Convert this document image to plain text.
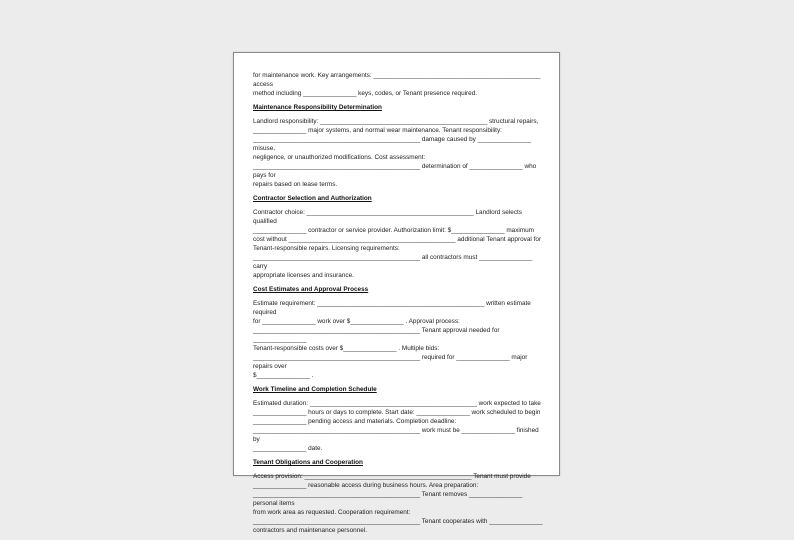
for maintenance work. Key arrangements: _______________________________________________ access
method including _______________ keys, codes, or Tenant presence required.
Maintenance Responsibility Determination
Landlord responsibility: _______________________________________________ structural repairs,
_______________ major systems, and normal wear maintenance. Tenant responsibility:
_______________________________________________ damage caused by _______________ misuse,
negligence, or unauthorized modifications. Cost assessment:
_______________________________________________ determination of _______________ who pays for
repairs based on lease terms.
Contractor Selection and Authorization
Contractor choice: _______________________________________________ Landlord selects qualified
_______________ contractor or service provider. Authorization limit: $_______________ maximum
cost without _______________________________________________ additional Tenant approval for
Tenant-responsible repairs. Licensing requirements:
_______________________________________________ all contractors must _______________ carry
appropriate licenses and insurance.
Cost Estimates and Approval Process
Estimate requirement: _______________________________________________ written estimate required
for _______________ work over $_______________ . Approval process:
_______________________________________________ Tenant approval needed for _______________
Tenant-responsible costs over $_______________ . Multiple bids:
_______________________________________________ required for _______________ major repairs over
$_______________ .
Work Timeline and Completion Schedule
Estimated duration: _______________________________________________ work expected to take
_______________ hours or days to complete. Start date: _______________ work scheduled to begin
_______________ pending access and materials. Completion deadline:
_______________________________________________ work must be _______________ finished by
_______________ date.
Tenant Obligations and Cooperation
Access provision: _______________________________________________ Tenant must provide
_______________ reasonable access during business hours. Area preparation:
_______________________________________________ Tenant removes _______________ personal items
from work area as requested. Cooperation requirement:
_______________________________________________ Tenant cooperates with _______________
contractors and maintenance personnel.
